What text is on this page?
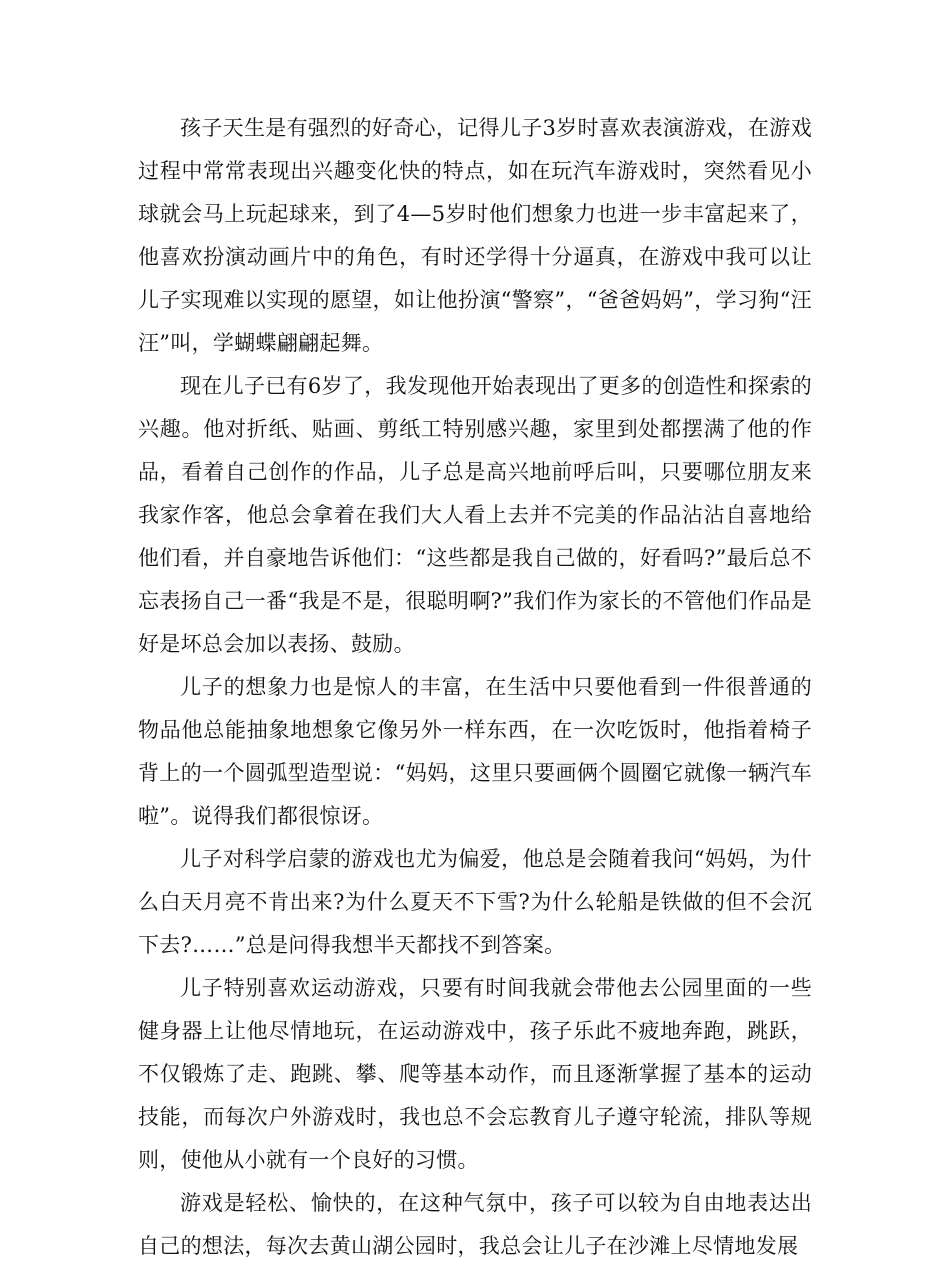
孩子天生是有强烈的好奇心，记得儿子3岁时喜欢表演游戏，在游戏过程中常常表现出兴趣变化快的特点，如在玩汽车游戏时，突然看见小球就会马上玩起球来，到了4—5岁时他们想象力也进一步丰富起来了，他喜欢扮演动画片中的角色，有时还学得十分逼真，在游戏中我可以让儿子实现难以实现的愿望，如让他扮演“警察”，“爸爸妈妈”，学习狗“汪汪”叫，学蝴蝶翩翩起舞。

现在儿子已有6岁了，我发现他开始表现出了更多的创造性和探索的兴趣。他对折纸、贴画、剪纸工特别感兴趣，家里到处都摆满了他的作品，看着自己创作的作品，儿子总是高兴地前呼后叫，只要哪位朋友来我家作客，他总会拿着在我们大人看上去并不完美的作品沾沾自喜地给他们看，并自豪地告诉他们：“这些都是我自己做的，好看吗?”最后总不忘表扬自己一番“我是不是，很聪明啊?”我们作为家长的不管他们作品是好是坏总会加以表扬、鼓励。

儿子的想象力也是惊人的丰富，在生活中只要他看到一件很普通的物品他总能抽象地想象它像另外一样东西，在一次吃饭时，他指着椅子背上的一个圆弧型造型说：“妈妈，这里只要画俩个圆圈它就像一辆汽车啦”。说得我们都很惊讶。

儿子对科学启蒙的游戏也尤为偏爱，他总是会随着我问“妈妈，为什么白天月亮不肯出来?为什么夏天不下雪?为什么轮船是铁做的但不会沉下去?……”总是问得我想半天都找不到答案。

儿子特别喜欢运动游戏，只要有时间我就会带他去公园里面的一些健身器上让他尽情地玩，在运动游戏中，孩子乐此不疲地奔跑，跳跃，不仅锻炼了走、跑跳、攀、爬等基本动作，而且逐渐掌握了基本的运动技能，而每次户外游戏时，我也总不会忘教育儿子遵守轮流，排队等规则，使他从小就有一个良好的习惯。

游戏是轻松、愉快的，在这种气氛中，孩子可以较为自由地表达出自己的想法，每次去黄山湖公园时，我总会让儿子在沙滩上尽情地发展
